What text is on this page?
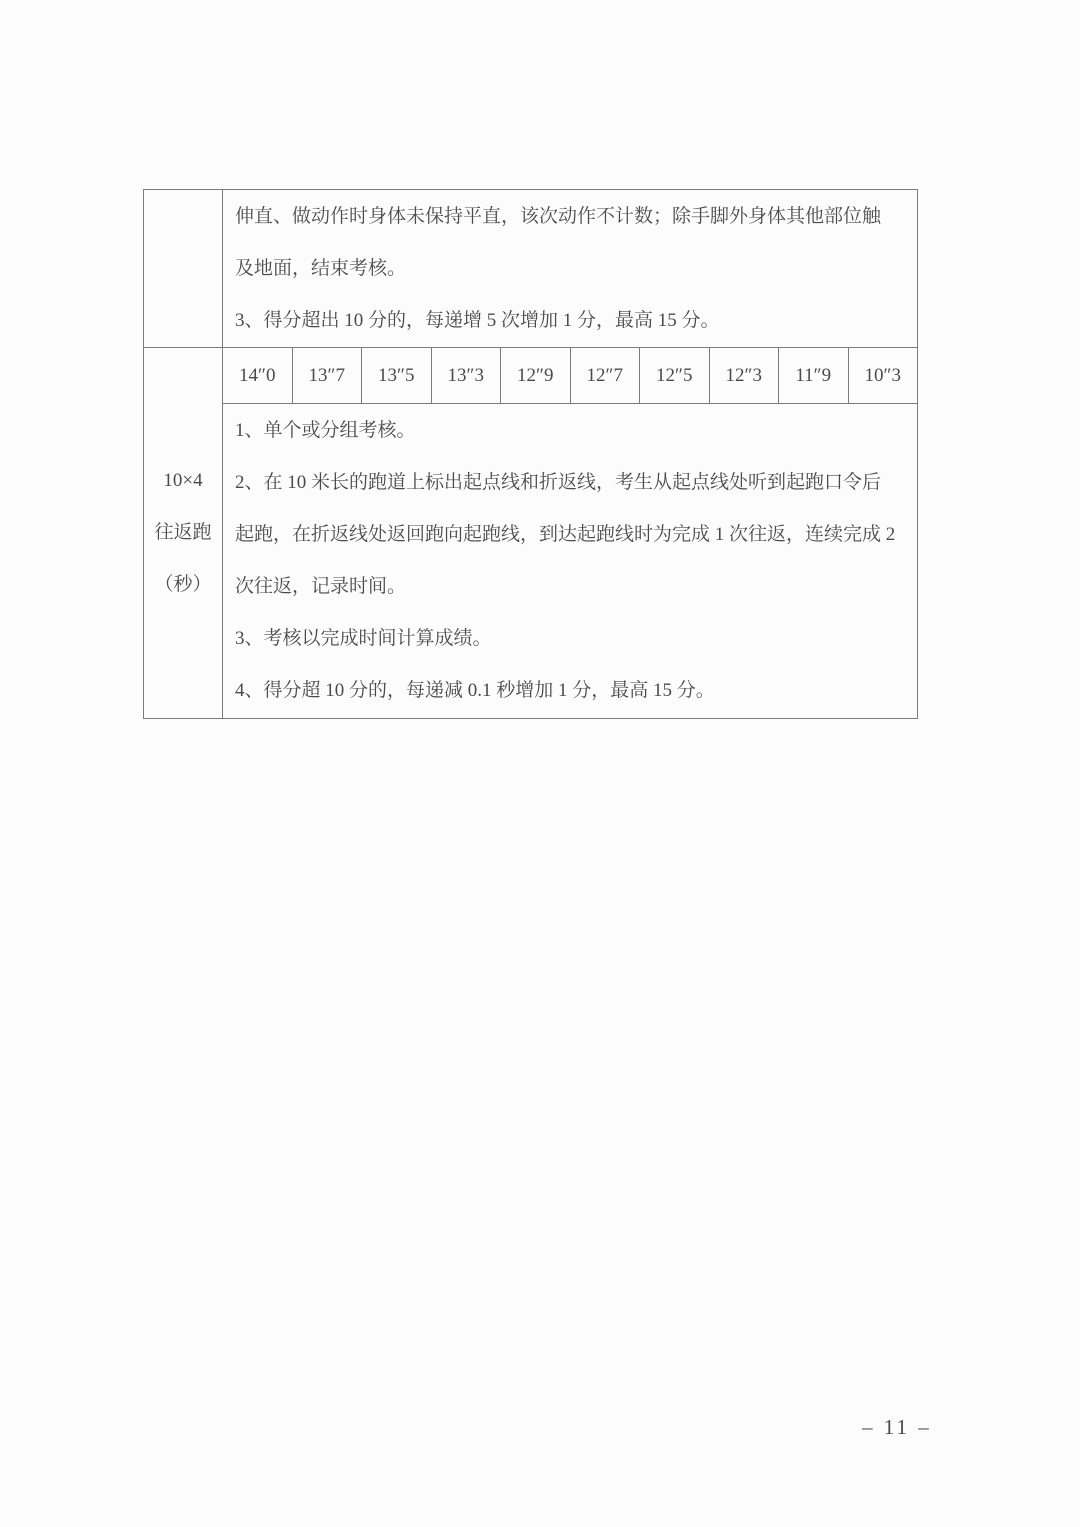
	伸直、做动作时身体未保持平直，该次动作不计数；除手脚外身体其他部位触
及地面，结束考核。
3、得分超出 10 分的，每递增 5 次增加 1 分，最高 15 分。									

10×4
往返跑
（秒）	14″0	13″7	13″5	13″3	12″9	12″7	12″5	12″3	11″9	10″3

1、单个或分组考核。
2、在 10 米长的跑道上标出起点线和折返线，考生从起点线处听到起跑口令后
起跑，在折返线处返回跑向起跑线，到达起跑线时为完成 1 次往返，连续完成 2
次往返，记录时间。
3、考核以完成时间计算成绩。
4、得分超 10 分的，每递减 0.1 秒增加 1 分，最高 15 分。
– 11 –
